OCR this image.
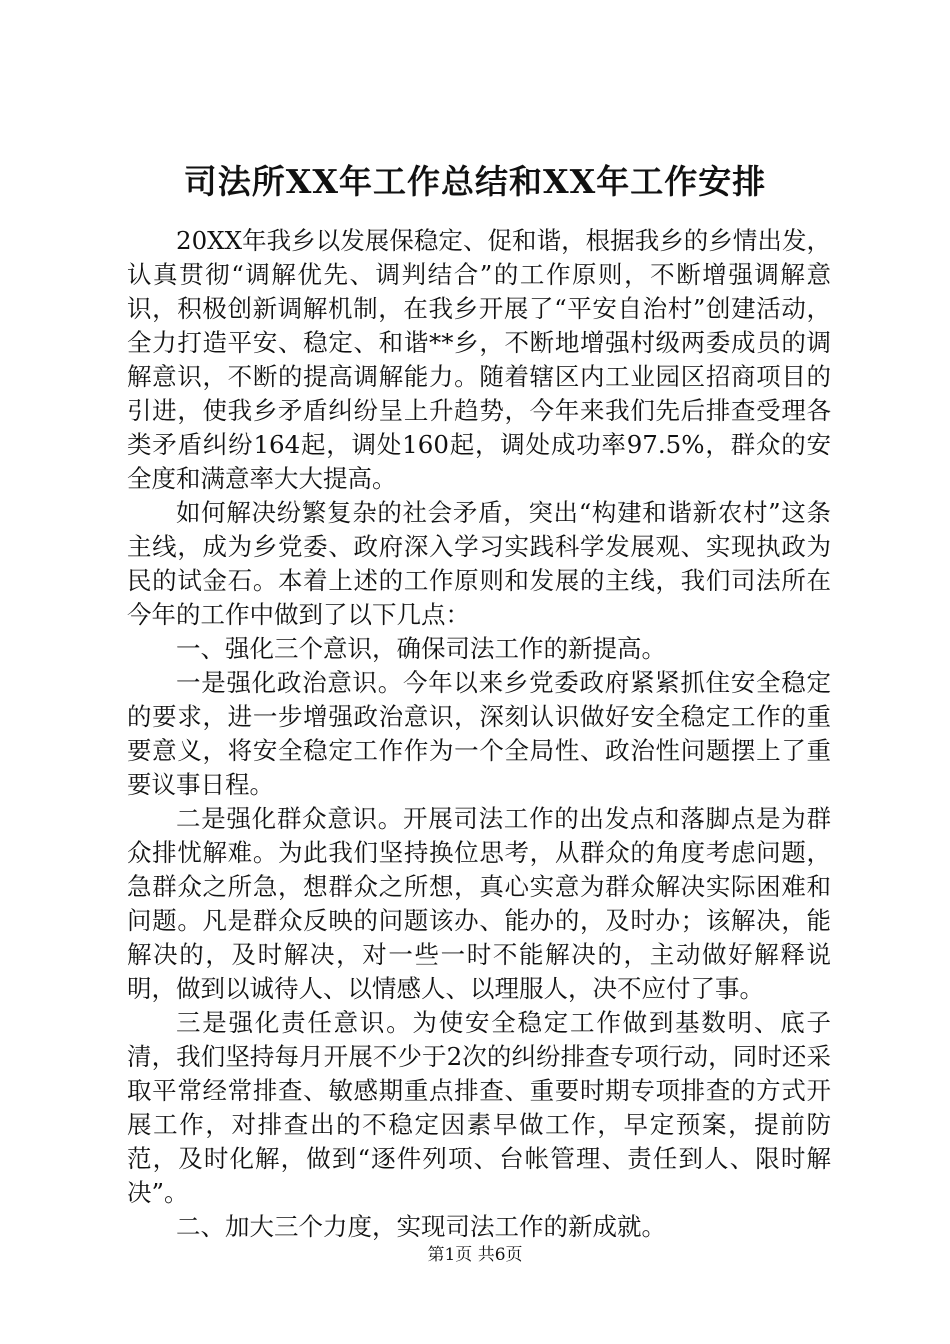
司法所XX年工作总结和XX年工作安排

20XX年我乡以发展保稳定、促和谐，根据我乡的乡情出发，认真贯彻“调解优先、调判结合”的工作原则，不断增强调解意识，积极创新调解机制，在我乡开展了“平安自治村”创建活动，全力打造平安、稳定、和谐**乡，不断地增强村级两委成员的调解意识，不断的提高调解能力。随着辖区内工业园区招商项目的引进，使我乡矛盾纠纷呈上升趋势，今年来我们先后排查受理各类矛盾纠纷164起，调处160起，调处成功率97.5%，群众的安全度和满意率大大提高。

如何解决纷繁复杂的社会矛盾，突出“构建和谐新农村”这条主线，成为乡党委、政府深入学习实践科学发展观、实现执政为民的试金石。本着上述的工作原则和发展的主线，我们司法所在今年的工作中做到了以下几点：

一、强化三个意识，确保司法工作的新提高。

一是强化政治意识。今年以来乡党委政府紧紧抓住安全稳定的要求，进一步增强政治意识，深刻认识做好安全稳定工作的重要意义，将安全稳定工作作为一个全局性、政治性问题摆上了重要议事日程。

二是强化群众意识。开展司法工作的出发点和落脚点是为群众排忧解难。为此我们坚持换位思考，从群众的角度考虑问题，急群众之所急，想群众之所想，真心实意为群众解决实际困难和问题。凡是群众反映的问题该办、能办的，及时办；该解决，能解决的，及时解决，对一些一时不能解决的，主动做好解释说明，做到以诚待人、以情感人、以理服人，决不应付了事。

三是强化责任意识。为使安全稳定工作做到基数明、底子清，我们坚持每月开展不少于2次的纠纷排查专项行动，同时还采取平常经常排查、敏感期重点排查、重要时期专项排查的方式开展工作，对排查出的不稳定因素早做工作，早定预案，提前防范，及时化解，做到“逐件列项、台帐管理、责任到人、限时解决”。

二、加大三个力度，实现司法工作的新成就。

第1页 共6页
